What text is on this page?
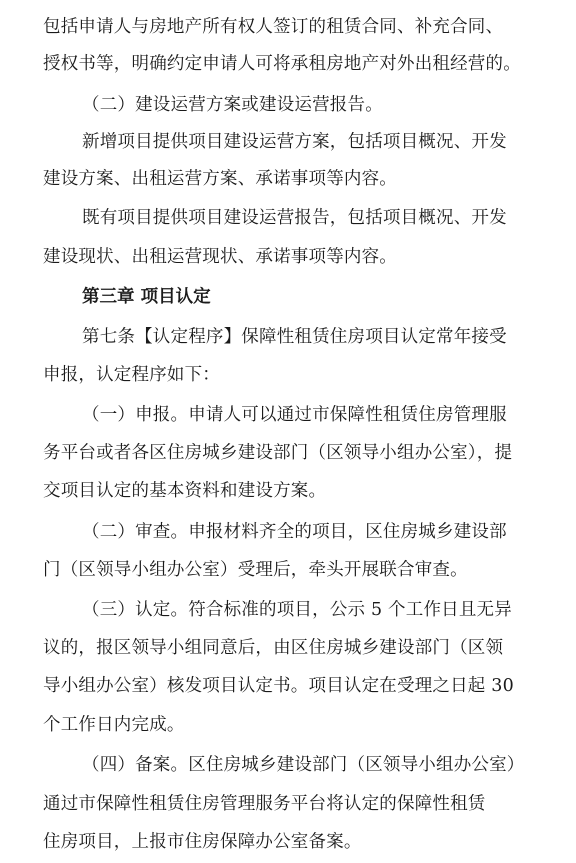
包括申请人与房地产所有权人签订的租赁合同、补充合同、
授权书等，明确约定申请人可将承租房地产对外出租经营的。
（二）建设运营方案或建设运营报告。
新增项目提供项目建设运营方案，包括项目概况、开发
建设方案、出租运营方案、承诺事项等内容。
既有项目提供项目建设运营报告，包括项目概况、开发
建设现状、出租运营现状、承诺事项等内容。
第三章 项目认定
第七条【认定程序】保障性租赁住房项目认定常年接受
申报，认定程序如下：
（一）申报。申请人可以通过市保障性租赁住房管理服
务平台或者各区住房城乡建设部门（区领导小组办公室），提
交项目认定的基本资料和建设方案。
（二）审查。申报材料齐全的项目，区住房城乡建设部
门（区领导小组办公室）受理后，牵头开展联合审查。
（三）认定。符合标准的项目，公示 5 个工作日且无异
议的，报区领导小组同意后，由区住房城乡建设部门（区领
导小组办公室）核发项目认定书。项目认定在受理之日起 30
个工作日内完成。
（四）备案。区住房城乡建设部门（区领导小组办公室）
通过市保障性租赁住房管理服务平台将认定的保障性租赁
住房项目，上报市住房保障办公室备案。
